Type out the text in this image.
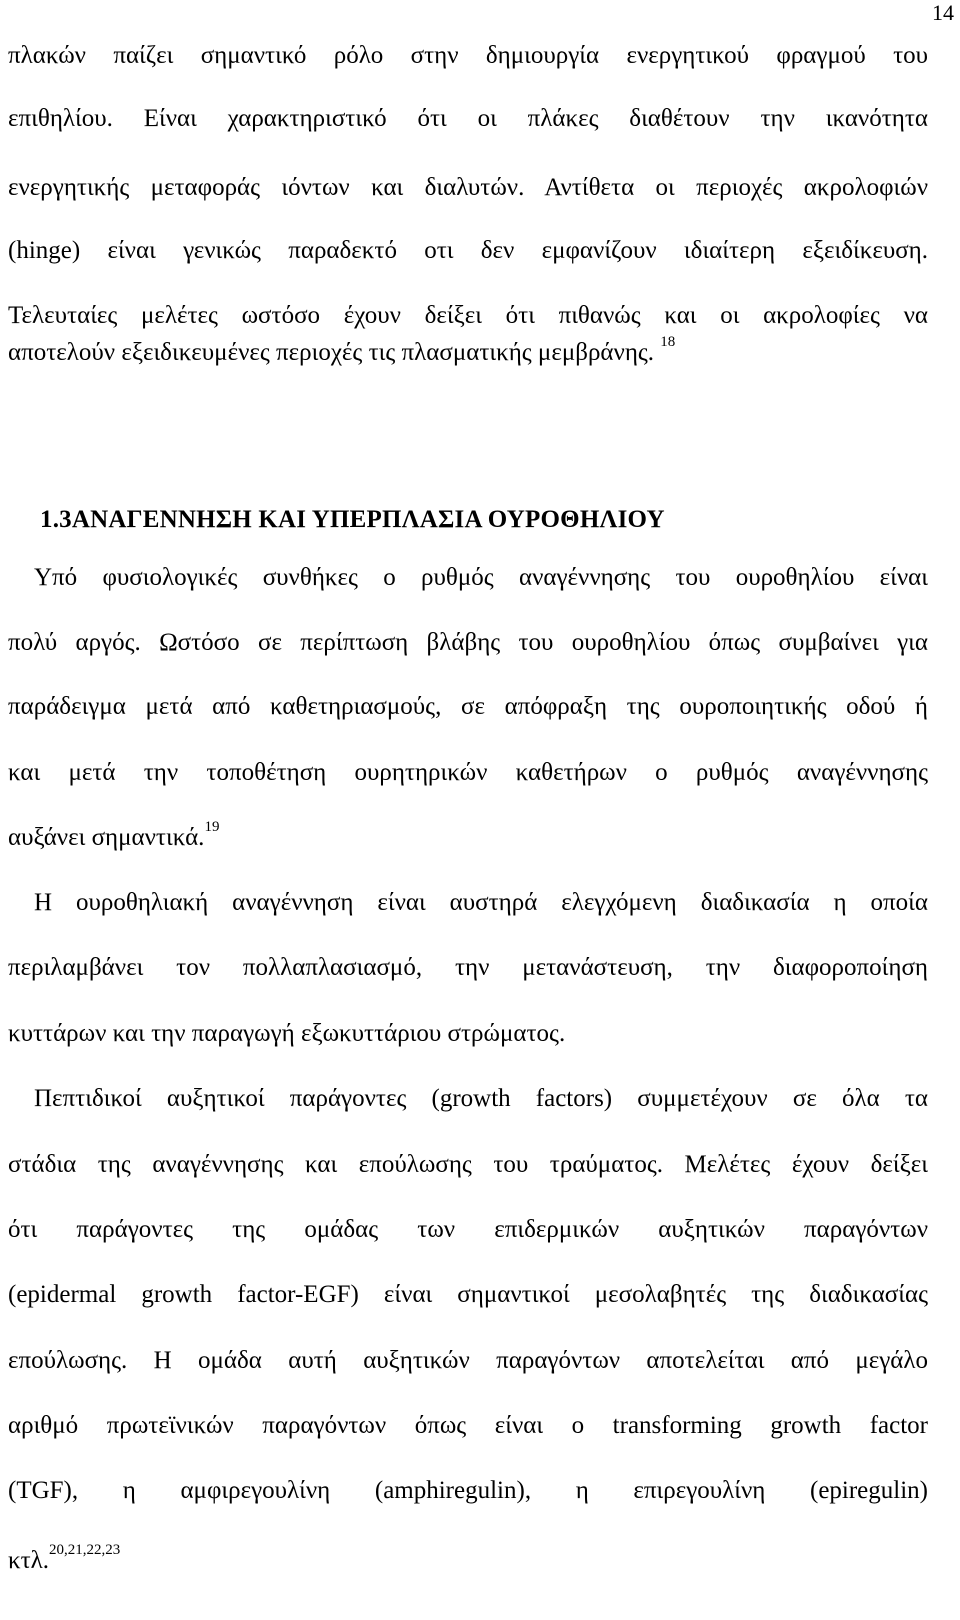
14
πλακών παίζει σημαντικό ρόλο στην δημιουργία ενεργητικού φραγμού του
επιθηλίου. Είναι χαρακτηριστικό ότι οι πλάκες διαθέτουν την ικανότητα
ενεργητικής μεταφοράς ιόντων και διαλυτών. Αντίθετα οι περιοχές ακρολοφιών
(hinge) είναι γενικώς παραδεκτό οτι δεν εμφανίζουν ιδιαίτερη εξειδίκευση.
Τελευταίες μελέτες ωστόσο έχουν δείξει ότι πιθανώς και οι ακρολοφίες να
αποτελούν εξειδικευμένες περιοχές τις πλασματικής μεμβράνης. $^{18}$
1.3ΑΝΑΓΕΝΝΗΣΗ ΚΑΙ ΥΠΕΡΠΛΑΣΙΑ ΟΥΡΟΘΗΛΙΟΥ
Υπό φυσιολογικές συνθήκες ο ρυθμός αναγέννησης του ουροθηλίου είναι
πολύ αργός. Ωστόσο σε περίπτωση βλάβης του ουροθηλίου όπως συμβαίνει για
παράδειγμα μετά από καθετηριασμούς, σε απόφραξη της ουροποιητικής οδού ή
και μετά την τοποθέτηση ουρητηρικών καθετήρων ο ρυθμός αναγέννησης
αυξάνει σημαντικά.$^{19}$
Η ουροθηλιακή αναγέννηση είναι αυστηρά ελεγχόμενη διαδικασία η οποία
περιλαμβάνει τον πολλαπλασιασμό, την μετανάστευση, την διαφοροποίηση
κυττάρων και την παραγωγή εξωκυττάριου στρώματος.
Πεπτιδικοί αυξητικοί παράγοντες (growth factors) συμμετέχουν σε όλα τα
στάδια της αναγέννησης και επούλωσης του τραύματος. Μελέτες έχουν δείξει
ότι παράγοντες της ομάδας των επιδερμικών αυξητικών παραγόντων
(epidermal growth factor-EGF) είναι σημαντικοί μεσολαβητές της διαδικασίας
επούλωσης. Η ομάδα αυτή αυξητικών παραγόντων αποτελείται από μεγάλο
αριθμό πρωτεϊνικών παραγόντων όπως είναι ο transforming growth factor
(TGF), η αμφιρεγουλίνη (amphiregulin), η επιρεγουλίνη (epiregulin)
κτλ.$^{20,21,22,23}$
